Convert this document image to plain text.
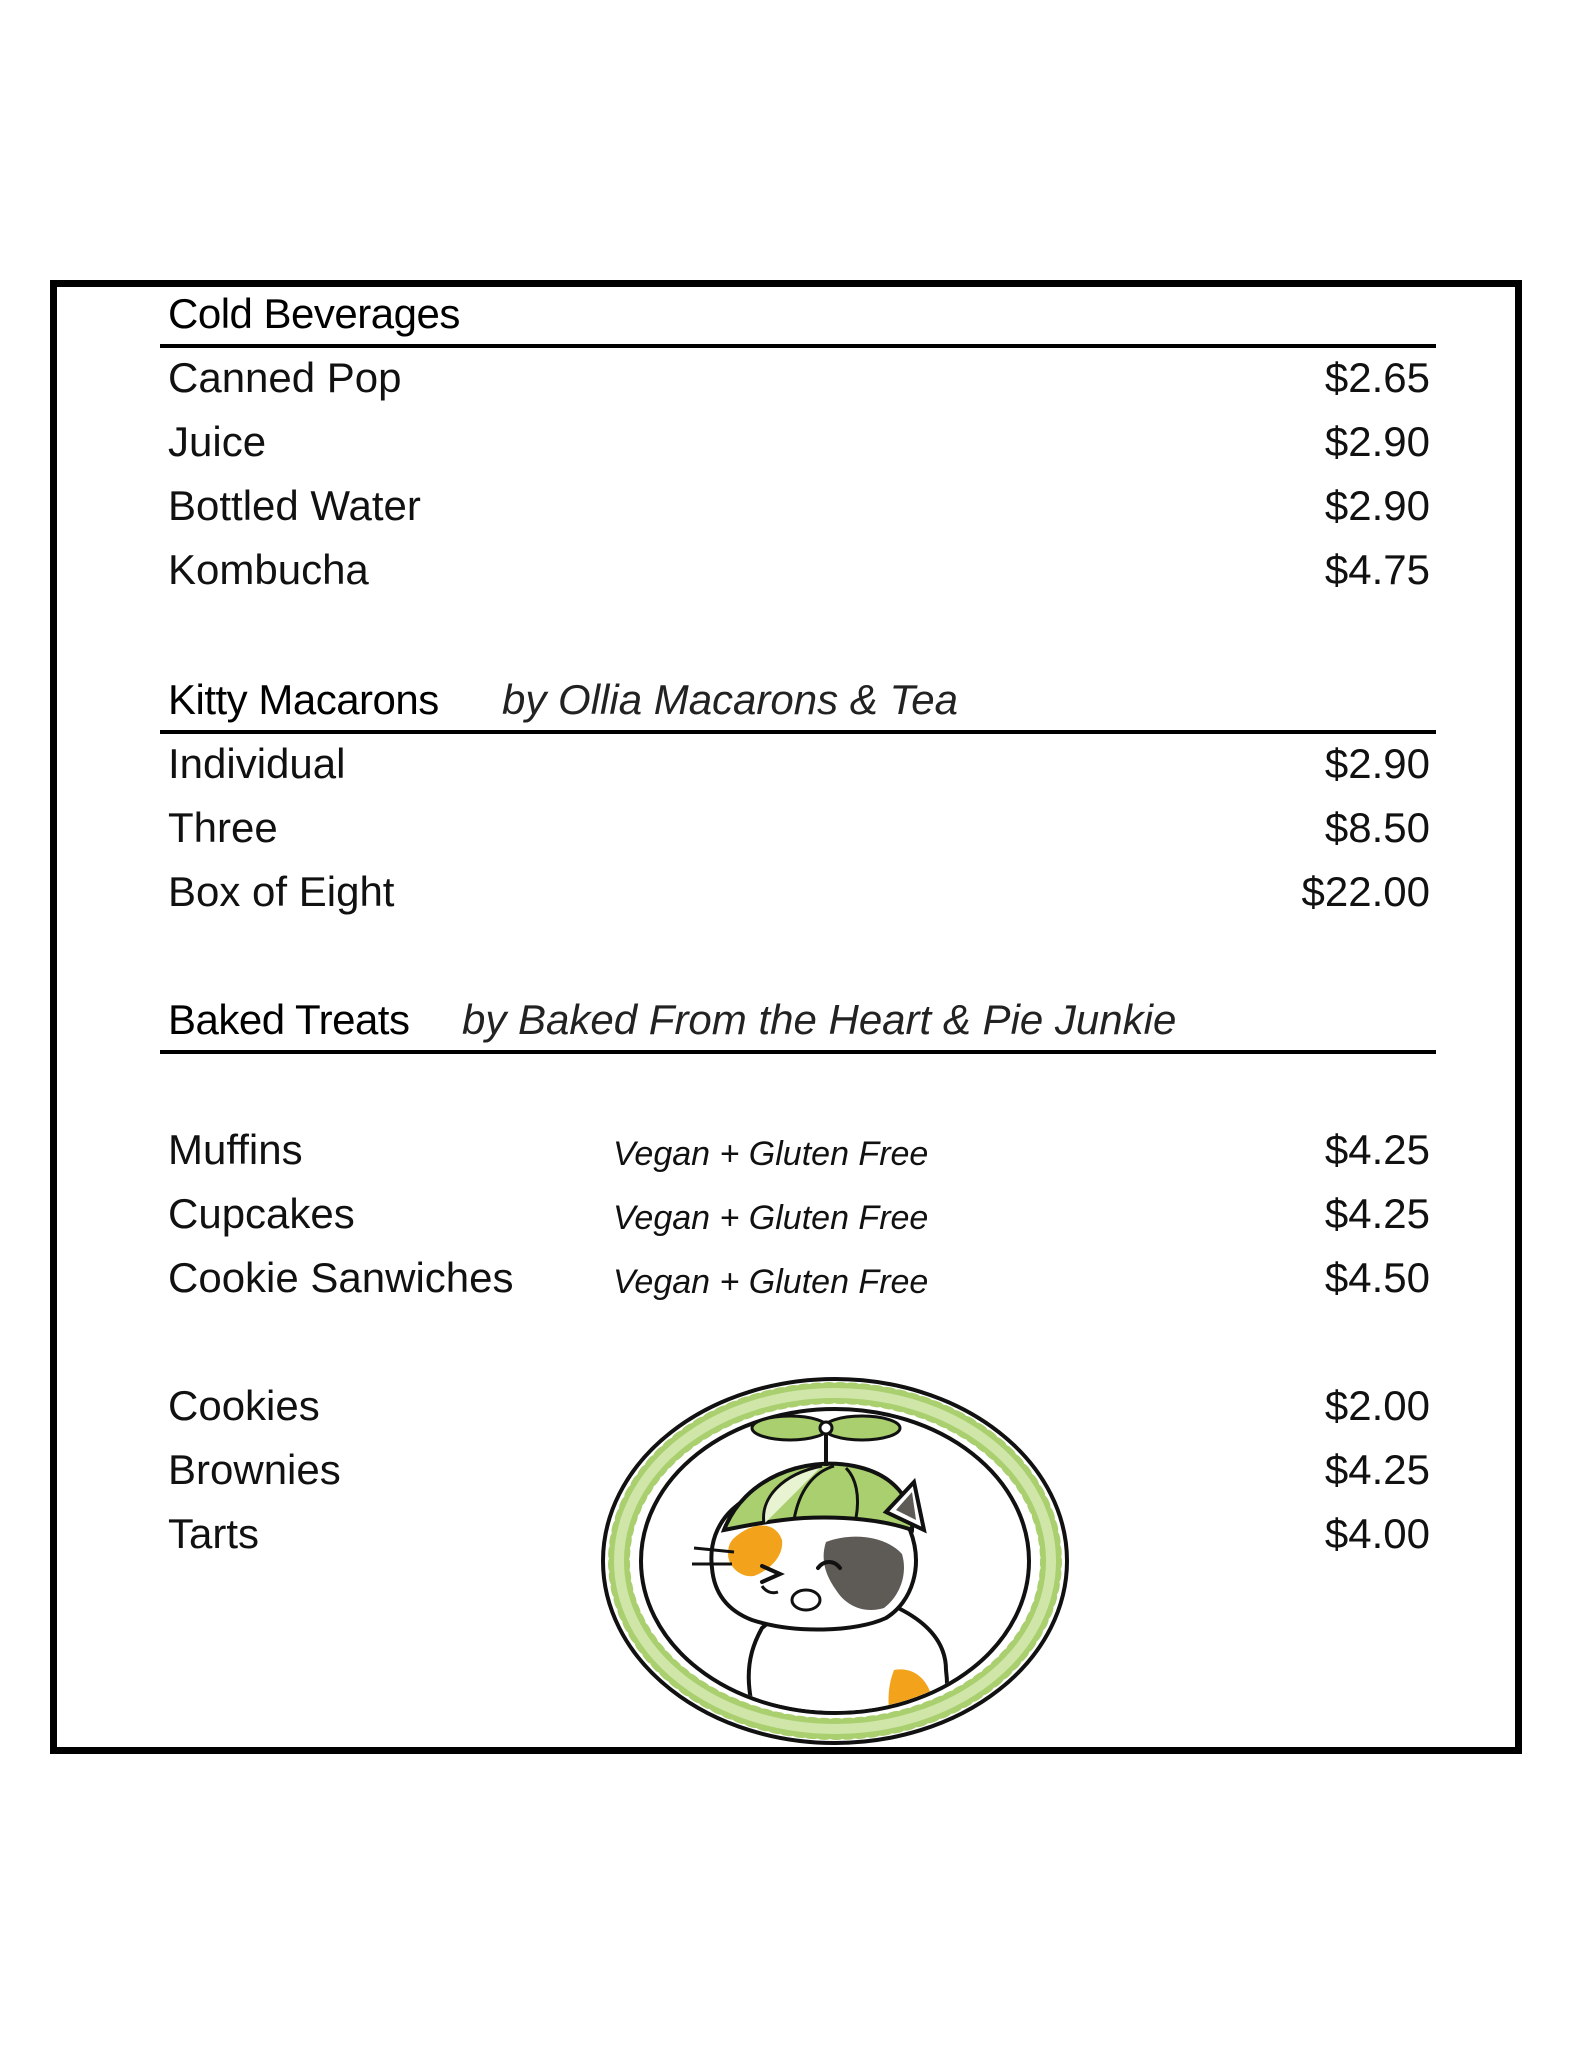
Cold Beverages
Canned Pop	$2.65
Juice	$2.90
Bottled Water	$2.90
Kombucha	$4.75
Kitty Macarons by Ollia Macarons & Tea
Individual	$2.90
Three	$8.50
Box of Eight	$22.00
Baked Treats by Baked From the Heart & Pie Junkie
Muffins	Vegan + Gluten Free	$4.25
Cupcakes	Vegan + Gluten Free	$4.25
Cookie Sanwiches	Vegan + Gluten Free	$4.50
Cookies	$2.00
Brownies	$4.25
Tarts	$4.00
